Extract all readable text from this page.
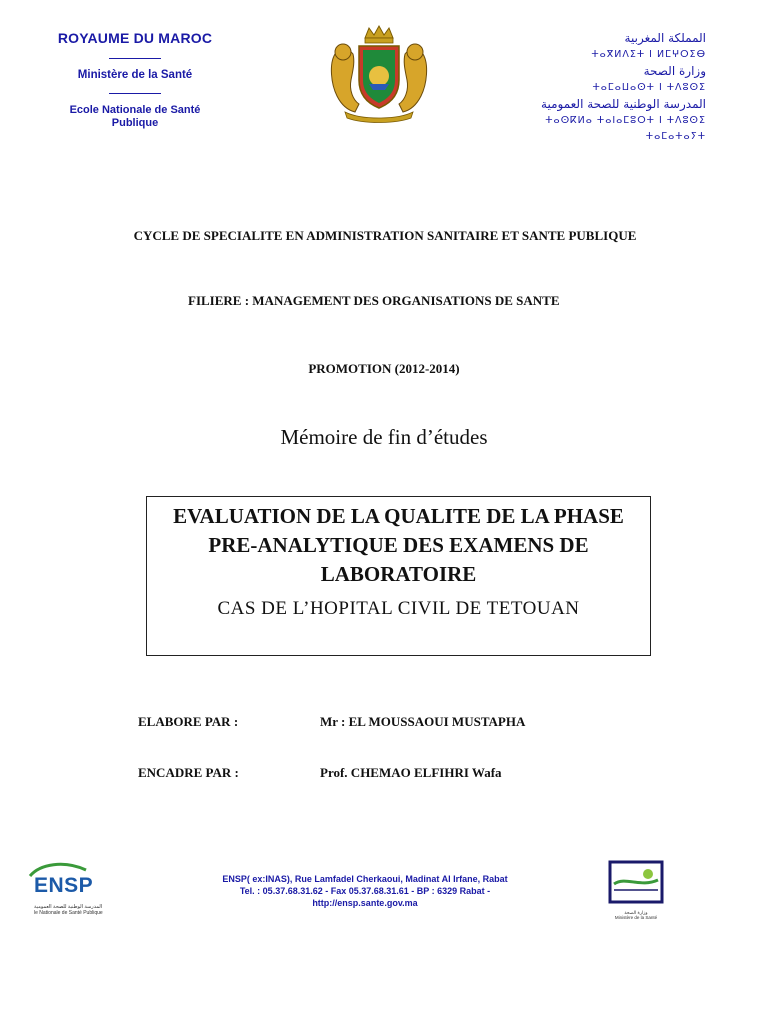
ROYAUME DU MAROC
Ministère de la Santé
Ecole Nationale de Santé Publique
المملكة المغربية
ⵜⴰⴳⵍⴷⵉⵜ ⵏ ⵍⵎⵖⵔⵉⴱ
وزارة الصحة
ⵜⴰⵎⴰⵡⴰⵙⵜ ⵏ ⵜⴷⵓⵙⵉ
المدرسة الوطنية للصحة العمومية
ⵜⴰⵙⴽⵍⴰ ⵜⴰⵏⴰⵎⵓⵔⵜ ⵏ ⵜⴷⵓⵙⵉ ⵜⴰⵎⴰⵜⴰⵢⵜ
CYCLE DE SPECIALITE EN ADMINISTRATION SANITAIRE ET SANTE PUBLIQUE
FILIERE : MANAGEMENT DES ORGANISATIONS DE SANTE
PROMOTION (2012-2014)
Mémoire de fin d’études
EVALUATION DE LA QUALITE DE LA PHASE PRE-ANALYTIQUE DES EXAMENS DE LABORATOIRE
CAS DE L’HOPITAL CIVIL DE TETOUAN
ELABORE PAR :	Mr : EL MOUSSAOUI MUSTAPHA
ENCADRE PAR :	Prof. CHEMAO ELFIHRI Wafa
ENSP
المدرسة الوطنية للصحة العمومية
le Nationale de Santé Publique
ENSP( ex:INAS), Rue Lamfadel Cherkaoui, Madinat Al Irfane, Rabat
Tel. : 05.37.68.31.62 - Fax 05.37.68.31.61 - BP : 6329 Rabat -
http://ensp.sante.gov.ma
وزارة الصحة
Ministère de la Santé
